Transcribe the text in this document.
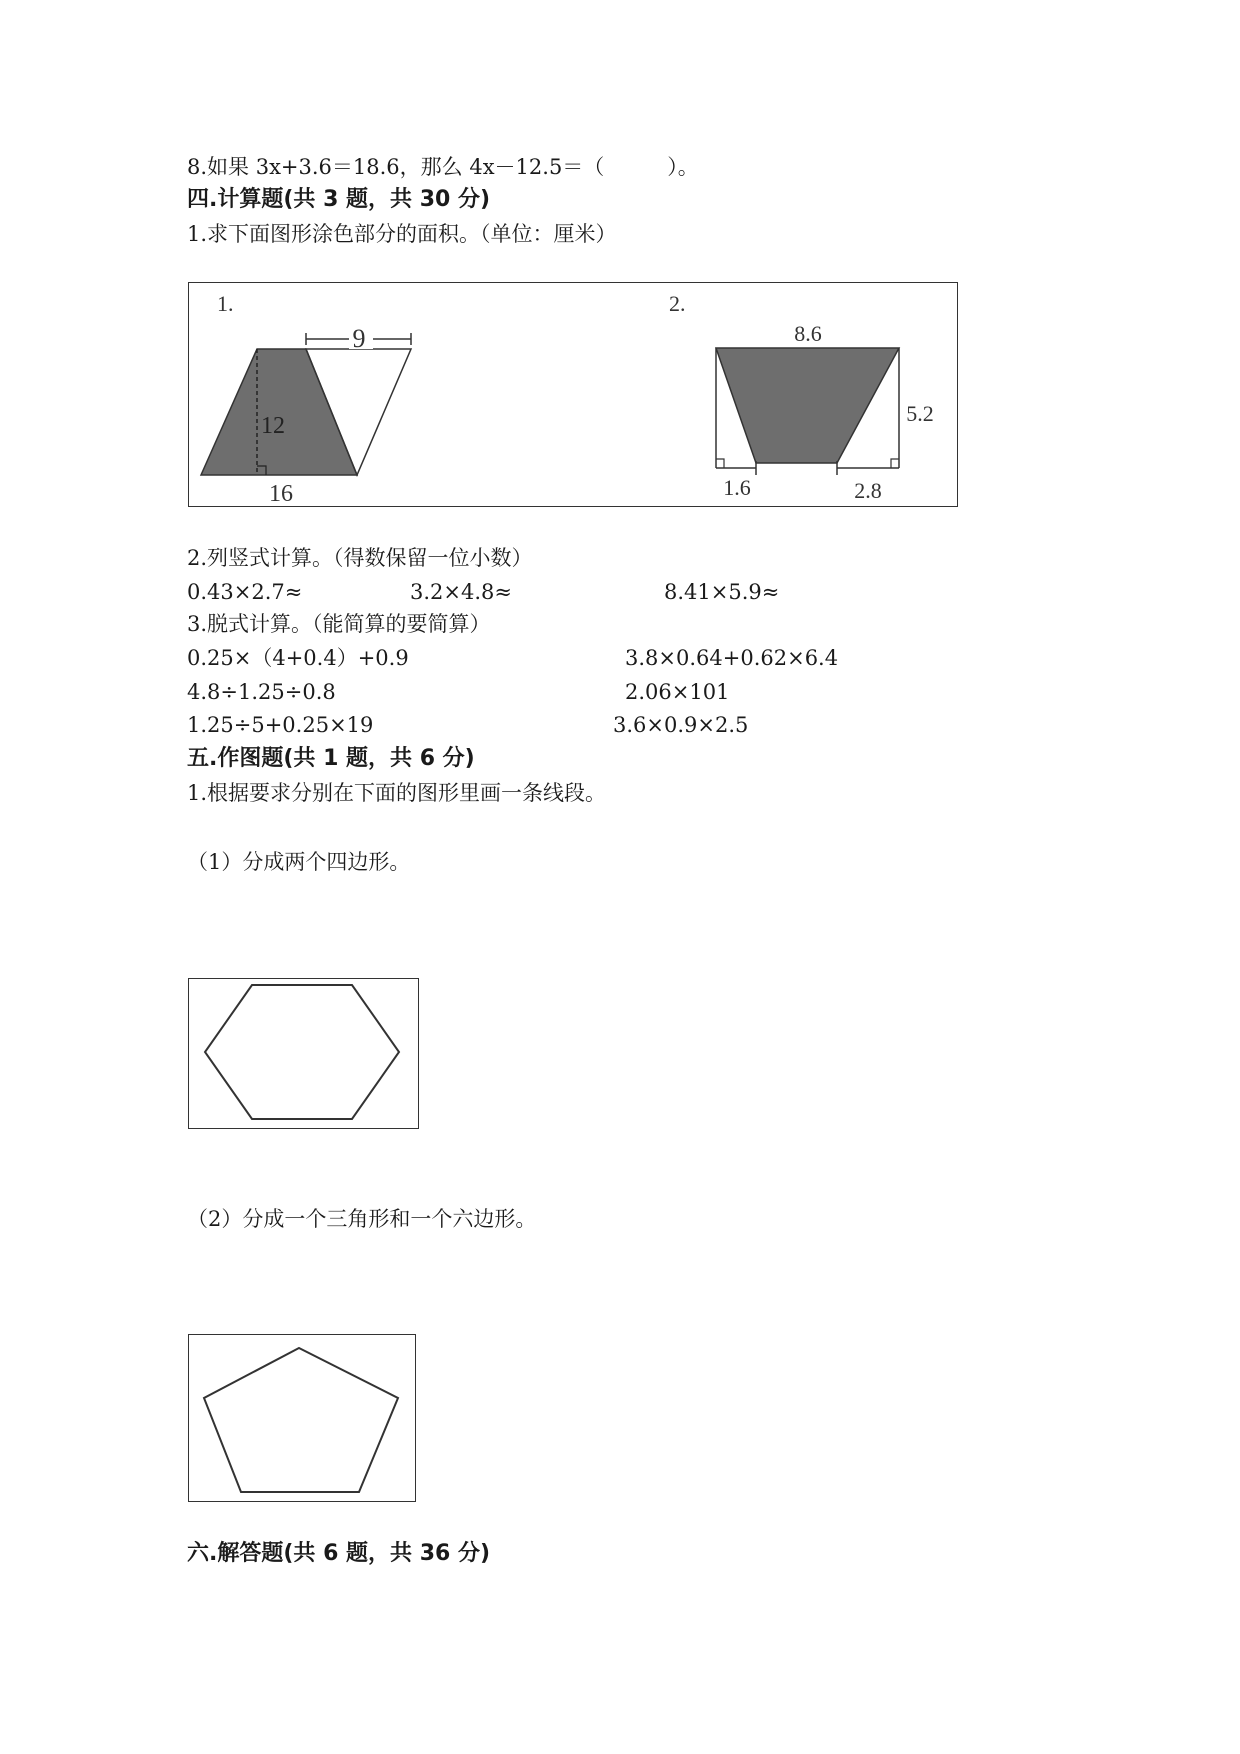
8.如果 3x+3.6＝18.6，那么 4x－12.5＝（　　　）。
四.计算题(共 3 题，共 30 分)
1.求下面图形涂色部分的面积。（单位：厘米）
1.
9
12
16
2.
8.6
5.2
1.6	2.8
2.列竖式计算。（得数保留一位小数）
0.43×2.7≈	3.2×4.8≈	8.41×5.9≈
3.脱式计算。（能简算的要简算）
0.25×（4+0.4）+0.9	3.8×0.64+0.62×6.4
4.8÷1.25÷0.8	2.06×101
1.25÷5+0.25×19	3.6×0.9×2.5
五.作图题(共 1 题，共 6 分)
1.根据要求分别在下面的图形里画一条线段。
（1）分成两个四边形。
（2）分成一个三角形和一个六边形。
六.解答题(共 6 题，共 36 分)
